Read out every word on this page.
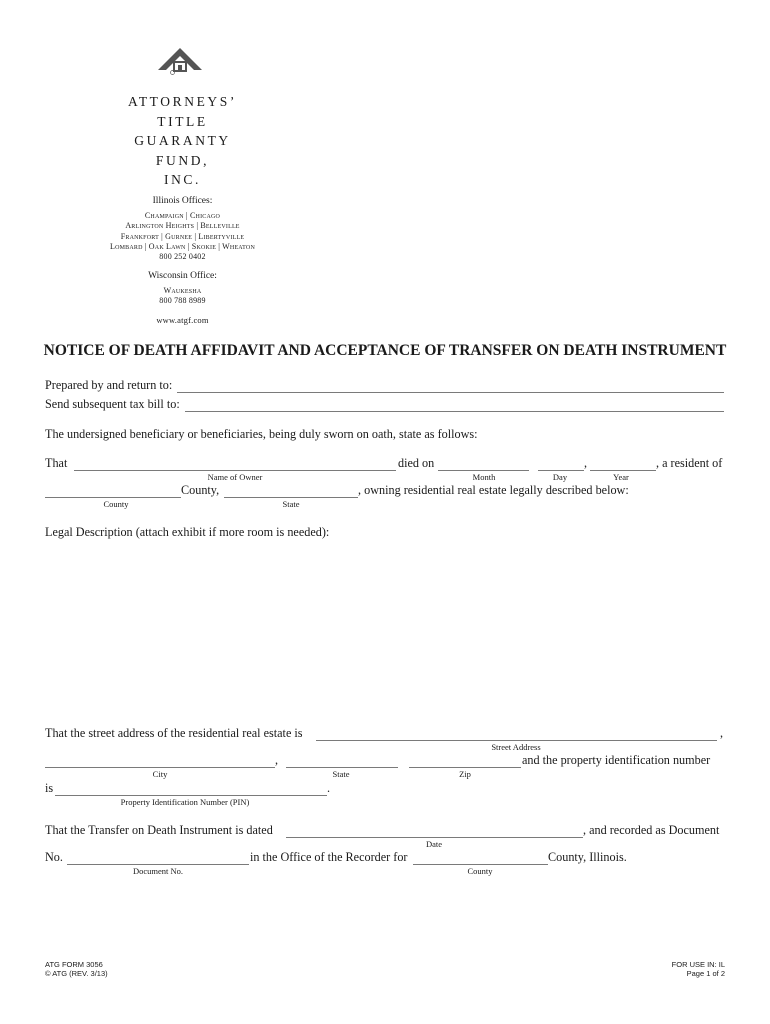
ATTORNEYS’
TITLE
GUARANTY
FUND,
INC.
Illinois Offices:
Champaign | Chicago
Arlington Heights | Belleville
Frankfort | Gurnee | Libertyville
Lombard | Oak Lawn | Skokie | Wheaton
800 252 0402
Wisconsin Office:
Waukesha
800 788 8989
www.atgf.com
NOTICE OF DEATH AFFIDAVIT AND ACCEPTANCE OF TRANSFER ON DEATH INSTRUMENT
Prepared by and return to:
Send subsequent tax bill to:
The undersigned beneficiary or beneficiaries, being duly sworn on oath, state as follows:
That	died on	,	, a resident of
Name of Owner	Month	Day	Year
County,	, owning residential real estate legally described below:
County	State
Legal Description (attach exhibit if more room is needed):
That the street address of the residential real estate is	,
Street Address
,	and the property identification number
City	State	Zip
is	.
Property Identification Number (PIN)
That the Transfer on Death Instrument is dated	, and recorded as Document
Date
No.	in the Office of the Recorder for	County, Illinois.
Document No.	County
ATG FORM 3056
© ATG (REV. 3/13)
FOR USE IN: IL
Page 1 of 2
